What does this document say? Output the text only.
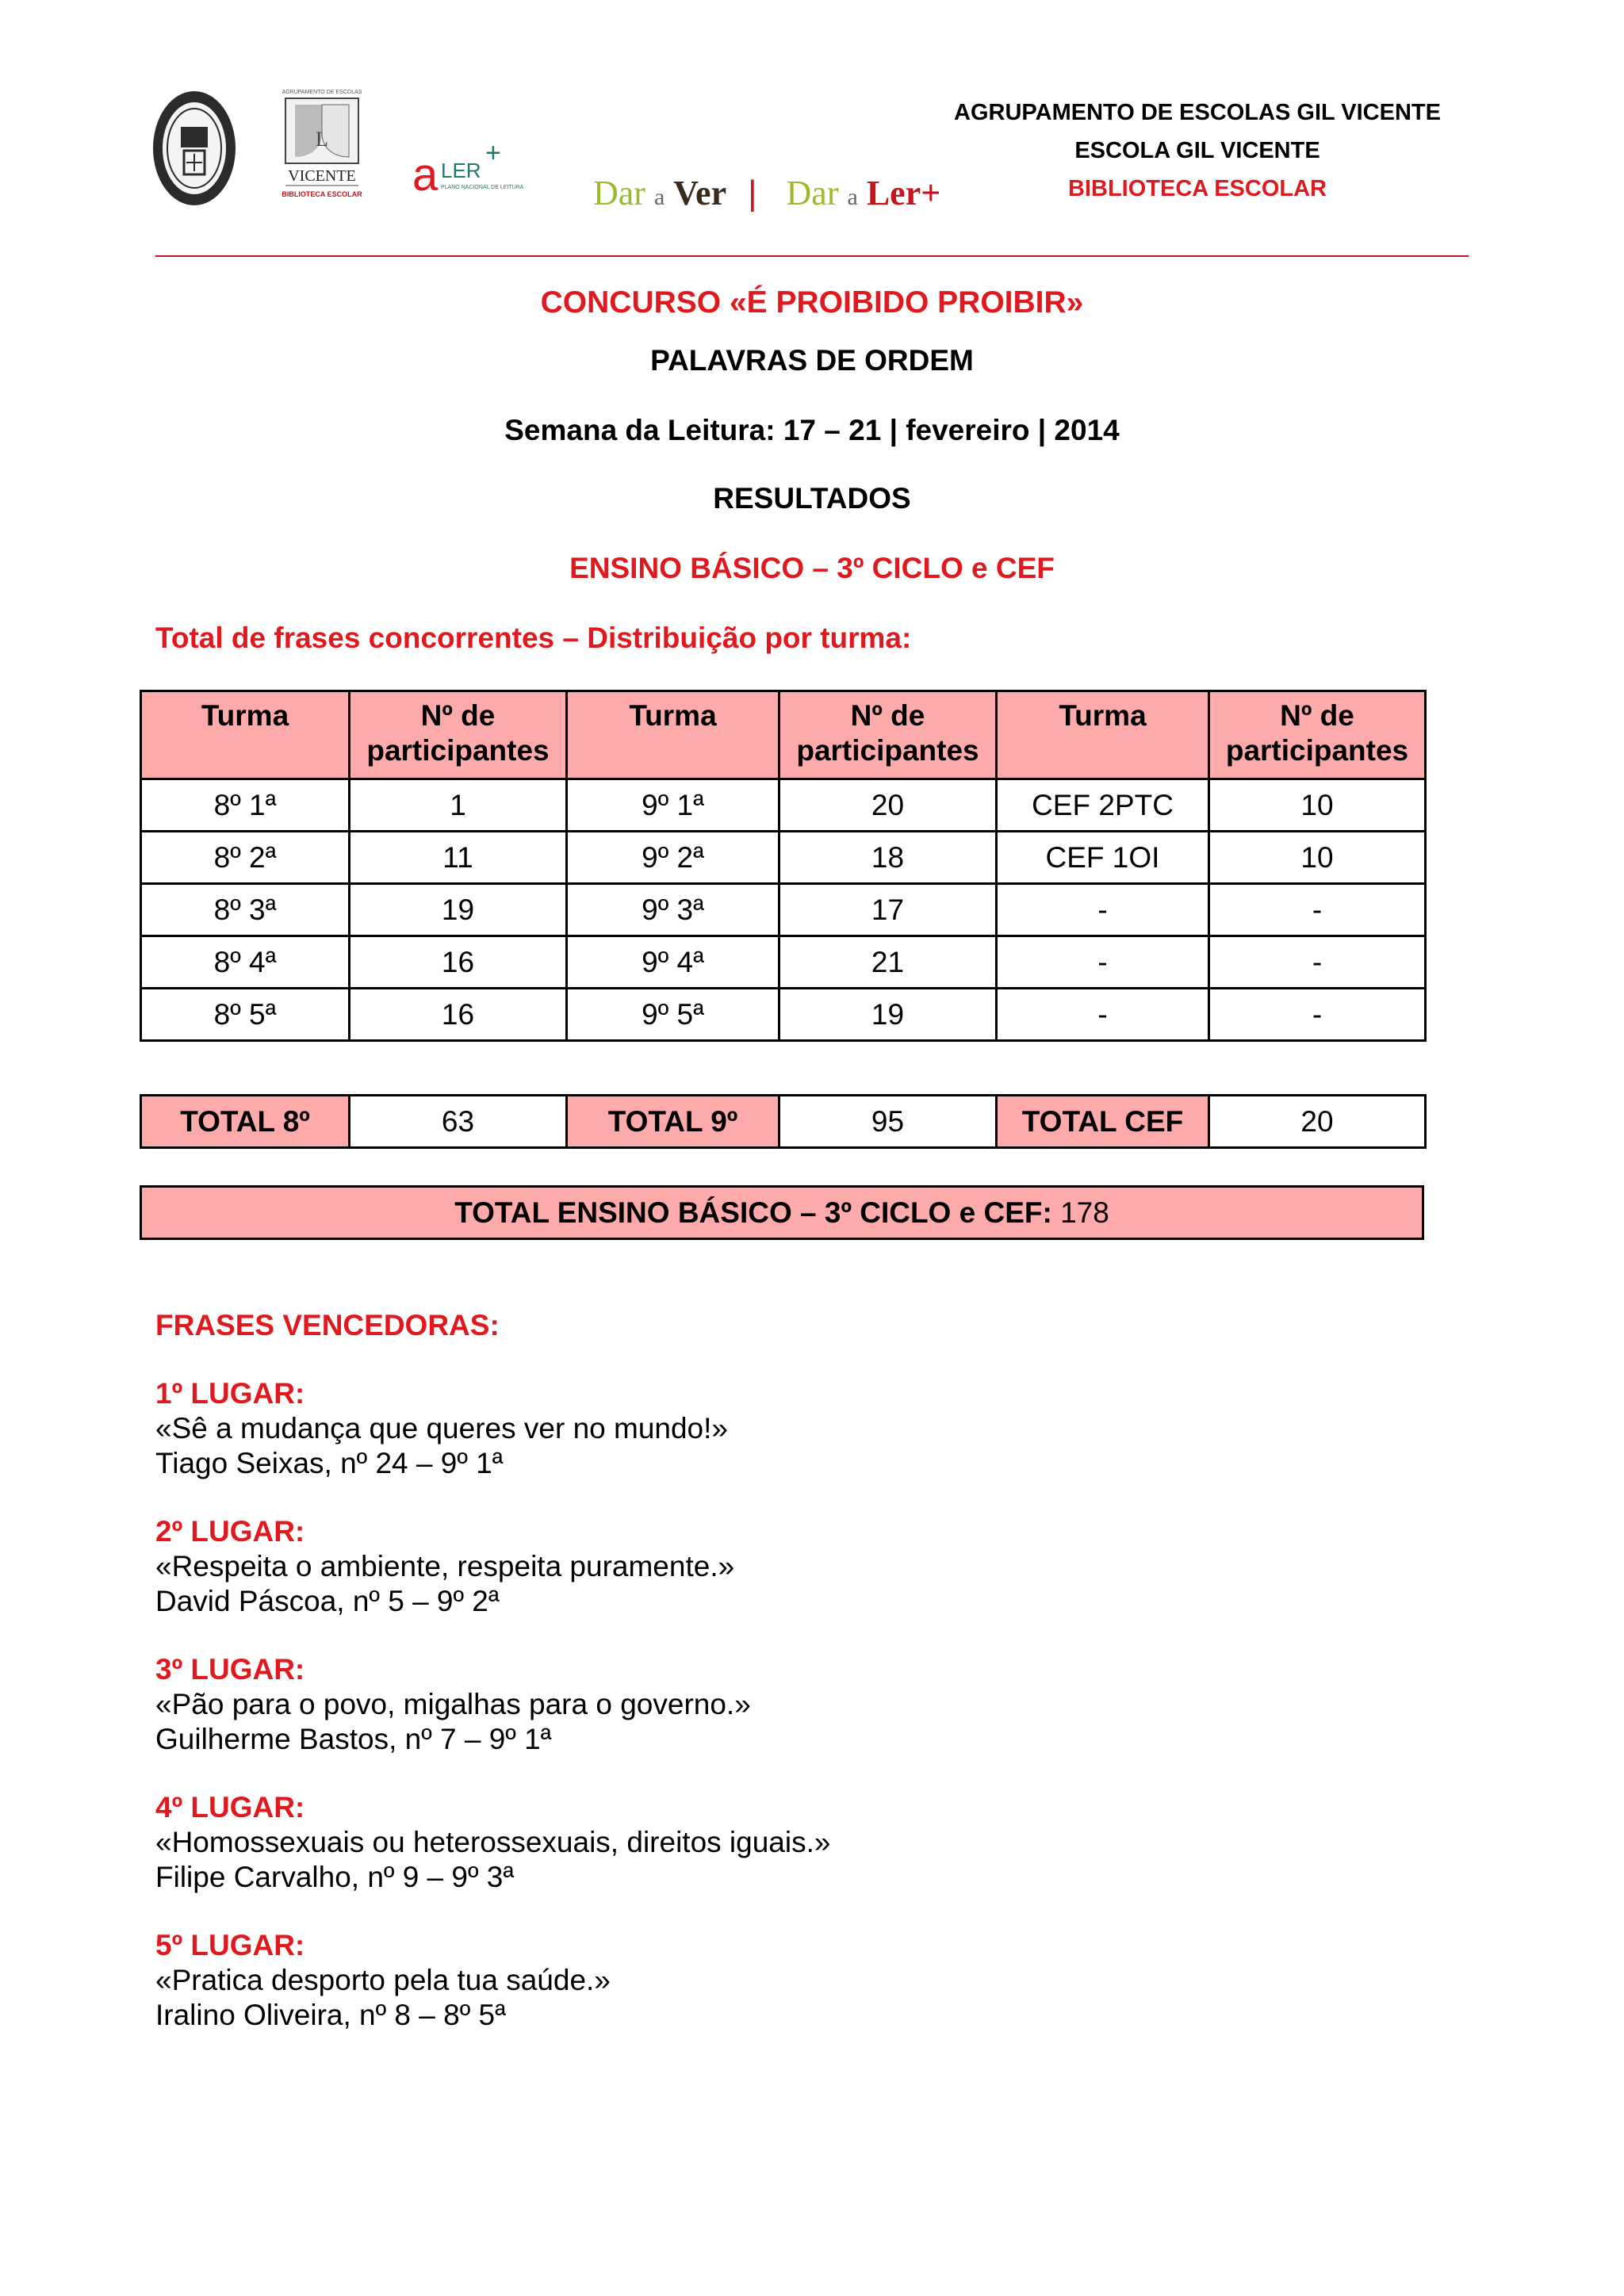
AGRUPAMENTO DE ESCOLAS
L
VICENTE
BIBLIOTECA ESCOLAR a LER
+
PLANO NACIONAL DE LEITURA Dar a Ver | Dar a Ler+
AGRUPAMENTO DE ESCOLAS GIL VICENTE
ESCOLA GIL VICENTE
BIBLIOTECA ESCOLAR
CONCURSO «É PROIBIDO PROIBIR»
PALAVRAS DE ORDEM
Semana da Leitura: 17 – 21 | fevereiro | 2014
RESULTADOS
ENSINO BÁSICO – 3º CICLO e CEF
Total de frases concorrentes – Distribuição por turma:
Turma	Nº de participantes	Turma	Nº de participantes	Turma	Nº de participantes
8º 1ª	1	9º 1ª	20	CEF 2PTC	10
8º 2ª	11	9º 2ª	18	CEF 1OI	10
8º 3ª	19	9º 3ª	17	-	-
8º 4ª	16	9º 4ª	21	-	-
8º 5ª	16	9º 5ª	19	-	-
TOTAL 8º	63	TOTAL 9º	95	TOTAL CEF	20
TOTAL ENSINO BÁSICO – 3º CICLO e CEF: 178
FRASES VENCEDORAS:
1º LUGAR:
«Sê a mudança que queres ver no mundo!»
Tiago Seixas, nº 24 – 9º 1ª
2º LUGAR:
«Respeita o ambiente, respeita puramente.»
David Páscoa, nº 5 – 9º 2ª
3º LUGAR:
«Pão para o povo, migalhas para o governo.»
Guilherme Bastos, nº 7 – 9º 1ª
4º LUGAR:
«Homossexuais ou heterossexuais, direitos iguais.»
Filipe Carvalho, nº 9 – 9º 3ª
5º LUGAR:
«Pratica desporto pela tua saúde.»
Iralino Oliveira, nº 8 – 8º 5ª
